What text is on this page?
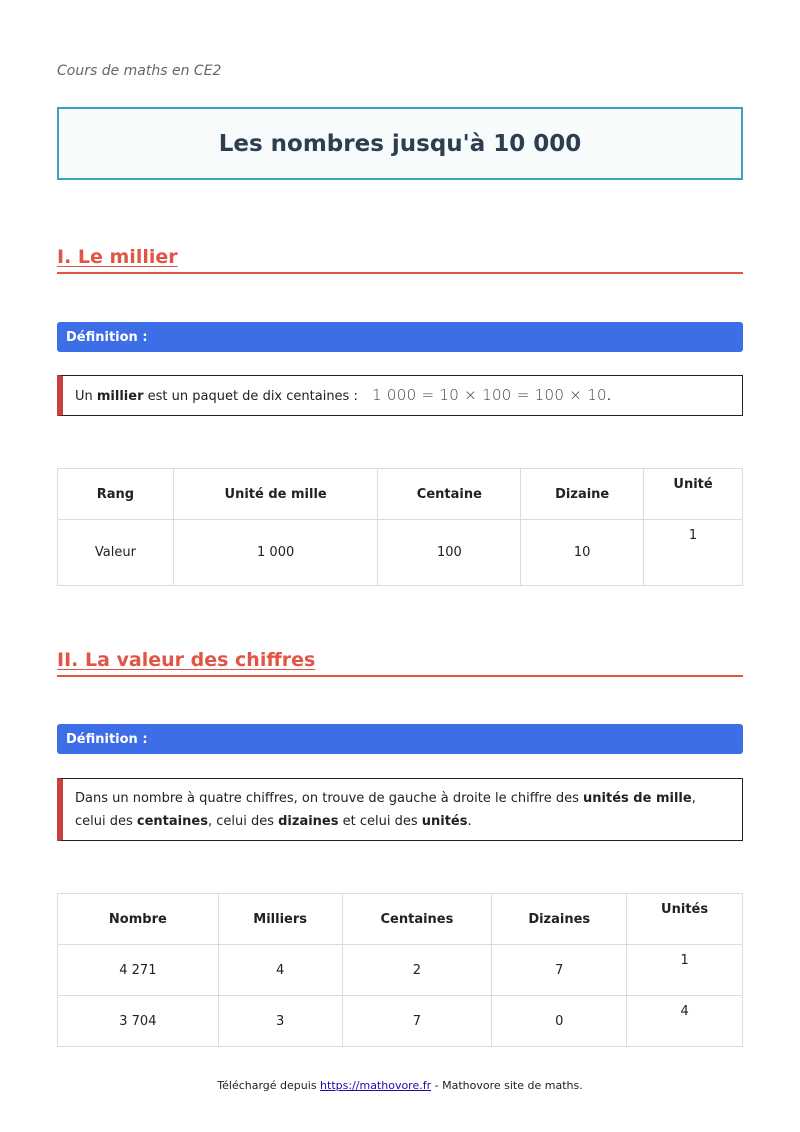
Cours de maths en CE2
Les nombres jusqu'à 10 000
I. Le millier
Définition :
Un millier est un paquet de dix centaines : 1 000 = 10 × 100 = 100 × 10.
Rang	Unité de mille	Centaine	Dizaine	Unité
Valeur	1 000	100	10	1
II. La valeur des chiffres
Définition :
Dans un nombre à quatre chiffres, on trouve de gauche à droite le chiffre des unités de mille, celui des centaines, celui des dizaines et celui des unités.
Nombre	Milliers	Centaines	Dizaines	Unités
4 271	4	2	7	1
3 704	3	7	0	4
Téléchargé depuis https://mathovore.fr - Mathovore site de maths.
